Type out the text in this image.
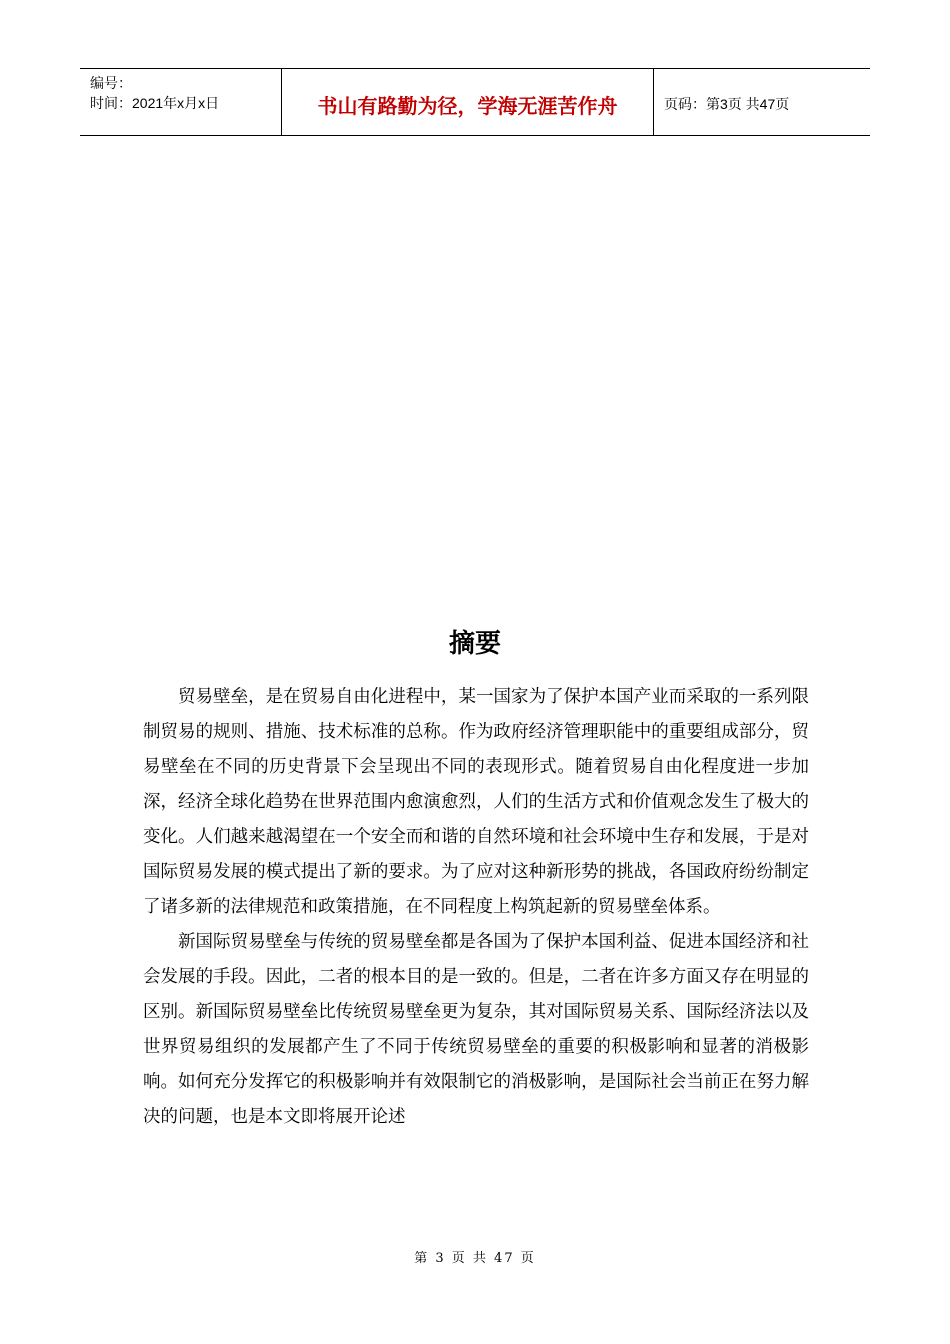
编号：
时间：2021年x月x日	书山有路勤为径，学海无涯苦作舟	页码：第3页 共47页
摘要

贸易壁垒，是在贸易自由化进程中，某一国家为了保护本国产业而采取的一系列限制贸易的规则、措施、技术标准的总称。作为政府经济管理职能中的重要组成部分，贸易壁垒在不同的历史背景下会呈现出不同的表现形式。随着贸易自由化程度进一步加深，经济全球化趋势在世界范围内愈演愈烈，人们的生活方式和价值观念发生了极大的变化。人们越来越渴望在一个安全而和谐的自然环境和社会环境中生存和发展，于是对国际贸易发展的模式提出了新的要求。为了应对这种新形势的挑战，各国政府纷纷制定了诸多新的法律规范和政策措施，在不同程度上构筑起新的贸易壁垒体系。

新国际贸易壁垒与传统的贸易壁垒都是各国为了保护本国利益、促进本国经济和社会发展的手段。因此，二者的根本目的是一致的。但是，二者在许多方面又存在明显的区别。新国际贸易壁垒比传统贸易壁垒更为复杂，其对国际贸易关系、国际经济法以及世界贸易组织的发展都产生了不同于传统贸易壁垒的重要的积极影响和显著的消极影响。如何充分发挥它的积极影响并有效限制它的消极影响，是国际社会当前正在努力解决的问题，也是本文即将展开论述

第 3 页 共 47 页
